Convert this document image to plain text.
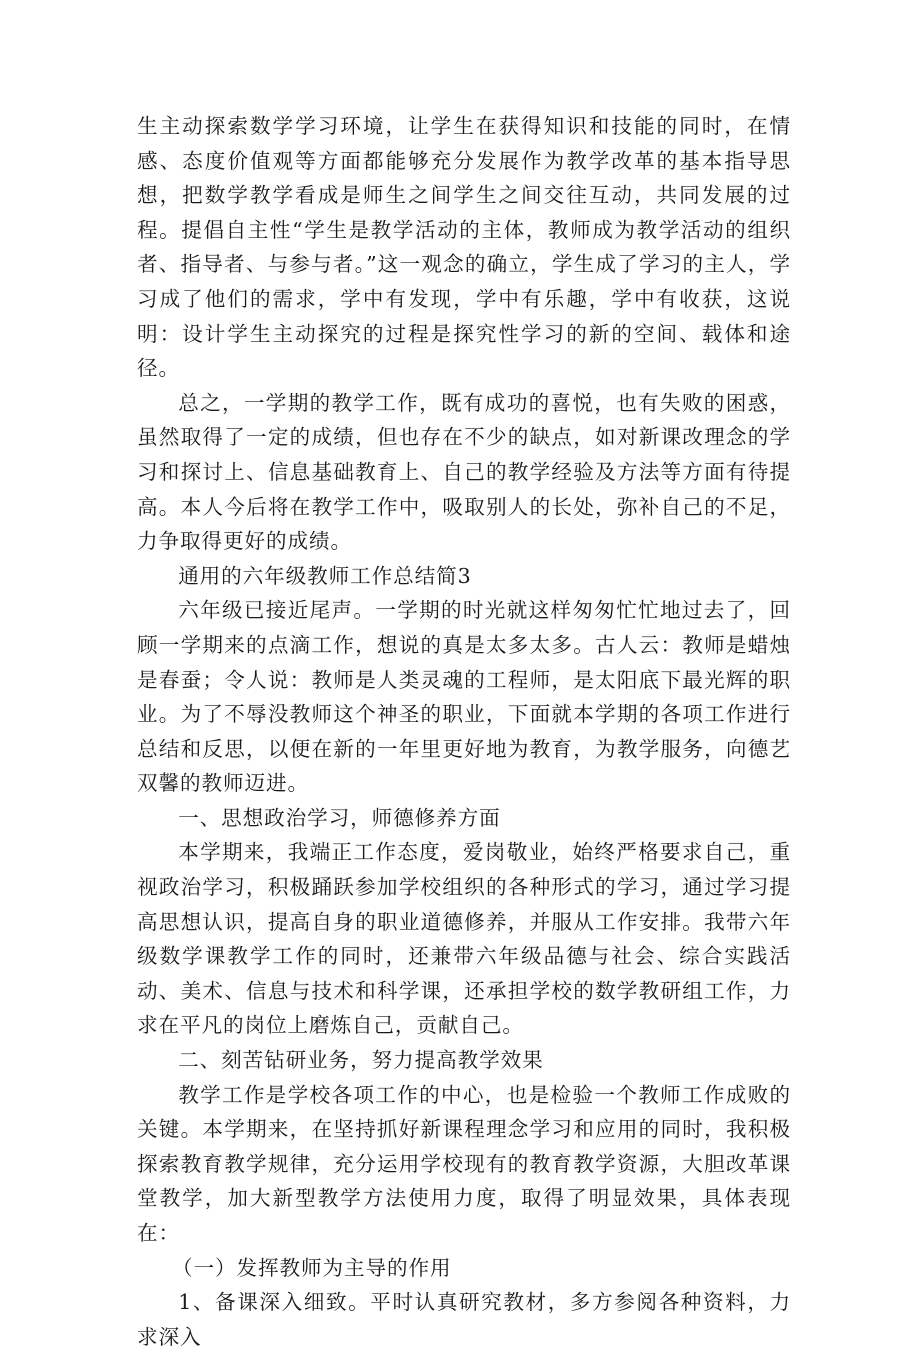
生主动探索数学学习环境，让学生在获得知识和技能的同时，在情感、态度价值观等方面都能够充分发展作为教学改革的基本指导思想，把数学教学看成是师生之间学生之间交往互动，共同发展的过程。提倡自主性“学生是教学活动的主体，教师成为教学活动的组织者、指导者、与参与者。”这一观念的确立，学生成了学习的主人，学习成了他们的需求，学中有发现，学中有乐趣，学中有收获，这说明：设计学生主动探究的过程是探究性学习的新的空间、载体和途径。

总之，一学期的教学工作，既有成功的喜悦，也有失败的困惑，虽然取得了一定的成绩，但也存在不少的缺点，如对新课改理念的学习和探讨上、信息基础教育上、自己的教学经验及方法等方面有待提高。本人今后将在教学工作中，吸取别人的长处，弥补自己的不足，力争取得更好的成绩。

通用的六年级教师工作总结简3

六年级已接近尾声。一学期的时光就这样匆匆忙忙地过去了，回顾一学期来的点滴工作，想说的真是太多太多。古人云：教师是蜡烛是春蚕；令人说：教师是人类灵魂的工程师，是太阳底下最光辉的职业。为了不辱没教师这个神圣的职业，下面就本学期的各项工作进行总结和反思，以便在新的一年里更好地为教育，为教学服务，向德艺双馨的教师迈进。

一、思想政治学习，师德修养方面

本学期来，我端正工作态度，爱岗敬业，始终严格要求自己，重视政治学习，积极踊跃参加学校组织的各种形式的学习，通过学习提高思想认识，提高自身的职业道德修养，并服从工作安排。我带六年级数学课教学工作的同时，还兼带六年级品德与社会、综合实践活动、美术、信息与技术和科学课，还承担学校的数学教研组工作，力求在平凡的岗位上磨炼自己，贡献自己。

二、刻苦钻研业务，努力提高教学效果

教学工作是学校各项工作的中心，也是检验一个教师工作成败的关键。本学期来，在坚持抓好新课程理念学习和应用的同时，我积极探索教育教学规律，充分运用学校现有的教育教学资源，大胆改革课堂教学，加大新型教学方法使用力度，取得了明显效果，具体表现在：

（一）发挥教师为主导的作用

1、备课深入细致。平时认真研究教材，多方参阅各种资料，力求深入
